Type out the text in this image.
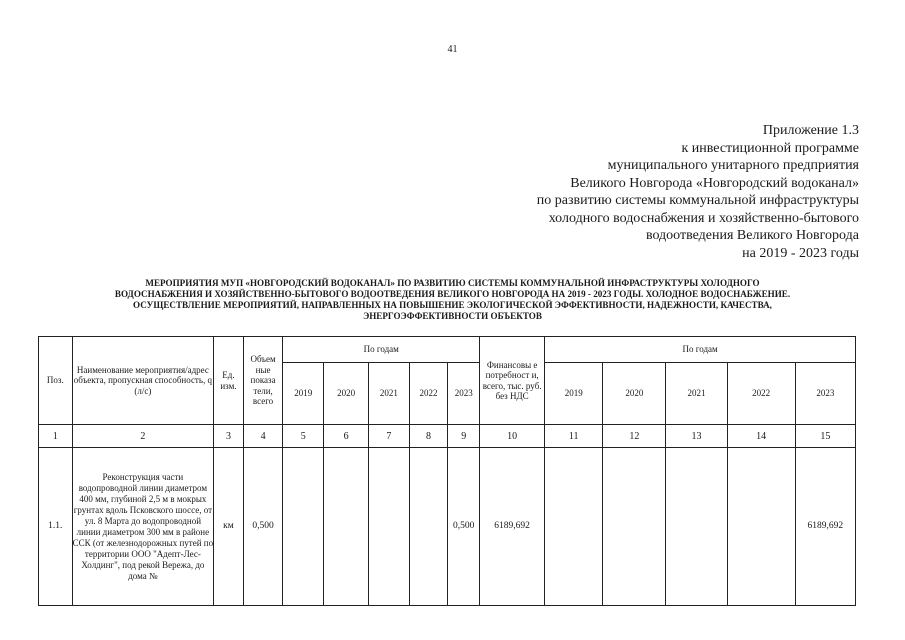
41
Приложение 1.3
к инвестиционной программе
муниципального унитарного предприятия
Великого Новгорода «Новгородский водоканал»
по развитию системы коммунальной инфраструктуры
холодного водоснабжения и хозяйственно-бытового
водоотведения Великого Новгорода
на 2019 - 2023 годы
МЕРОПРИЯТИЯ МУП «НОВГОРОДСКИЙ ВОДОКАНАЛ» ПО РАЗВИТИЮ СИСТЕМЫ КОММУНАЛЬНОЙ ИНФРАСТРУКТУРЫ ХОЛОДНОГО
ВОДОСНАБЖЕНИЯ И ХОЗЯЙСТВЕННО-БЫТОВОГО ВОДООТВЕДЕНИЯ ВЕЛИКОГО НОВГОРОДА НА 2019 - 2023 ГОДЫ. ХОЛОДНОЕ ВОДОСНАБЖЕНИЕ.
ОСУЩЕСТВЛЕНИЕ МЕРОПРИЯТИЙ, НАПРАВЛЕННЫХ НА ПОВЫШЕНИЕ ЭКОЛОГИЧЕСКОЙ ЭФФЕКТИВНОСТИ, НАДЕЖНОСТИ, КАЧЕСТВА,
ЭНЕРГОЭФФЕКТИВНОСТИ ОБЪЕКТОВ
Поз.	Наименование мероприятия/адрес объекта, пропускная способность, q (л/с)	Ед. изм.	Объем ные показа тели, всего	По годам					Финансовы е потребност и, всего, тыс. руб. без НДС	По годам				
				2019	2020	2021	2022	2023		2019	2020	2021	2022	2023
1	2	3	4	5	6	7	8	9	10	11	12	13	14	15
1.1.	Реконструкция части водопроводной линии диаметром 400 мм, глубиной 2,5 м в мокрых грунтах вдоль Псковского шоссе, от ул. 8 Марта до водопроводной линии диаметром 300 мм в районе ССК (от железнодорожных путей по территории ООО "Адепт-Лес-Холдинг", под рекой Вережа, до дома №	км	0,500					0,500	6189,692					6189,692
